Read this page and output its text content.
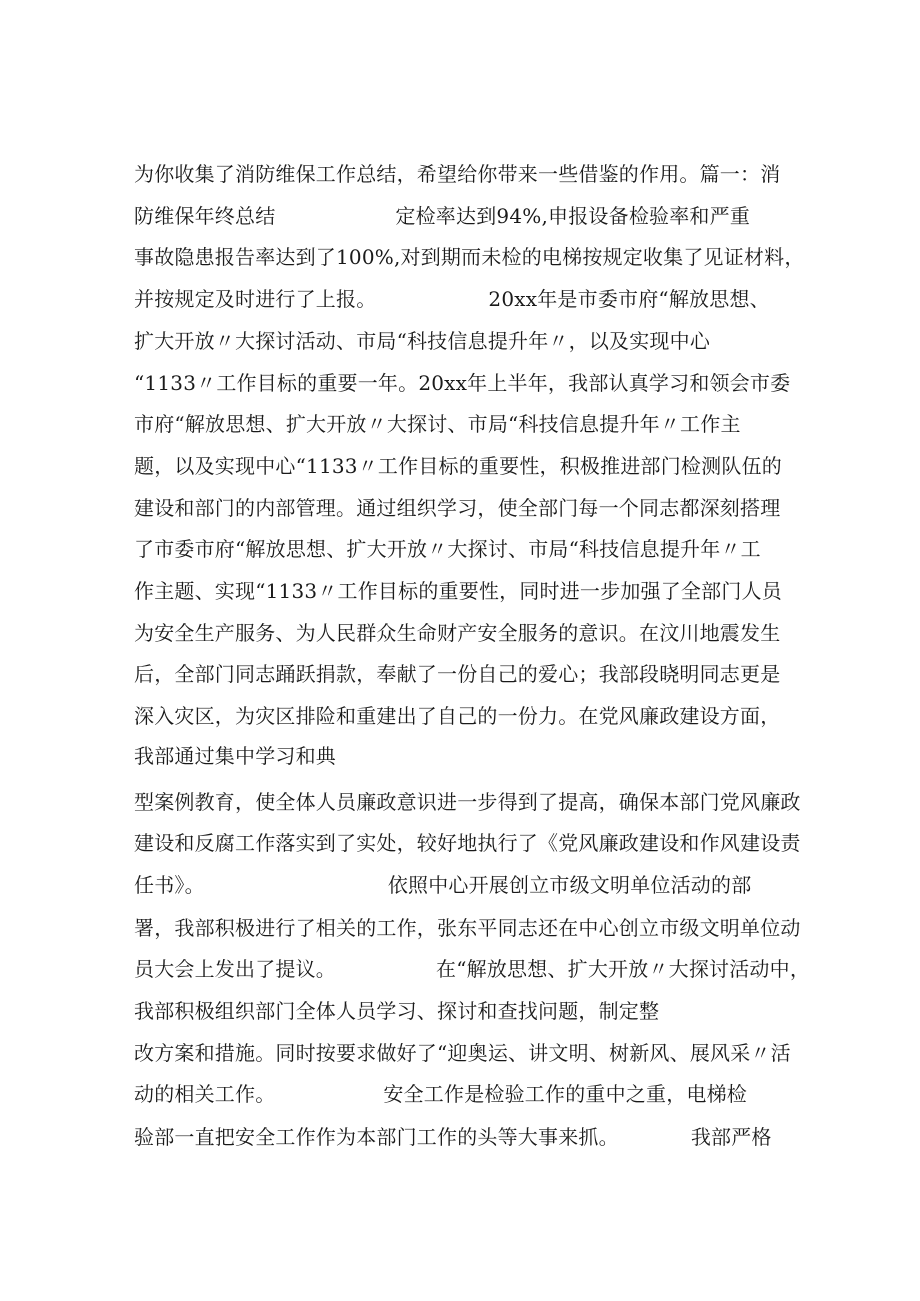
为你收集了消防维保工作总结，希望给你带来一些借鉴的作用。篇一：消
防维保年终总结	定检率达到94%,申报设备检验率和严重
事故隐患报告率达到了100%,对到期而未检的电梯按规定收集了见证材料，
并按规定及时进行了上报。	20xx年是市委市府“解放思想、
扩大开放〃大探讨活动、市局“科技信息提升年〃，以及实现中心
“1133〃工作目标的重要一年。20xx年上半年，我部认真学习和领会市委
市府“解放思想、扩大开放〃大探讨、市局“科技信息提升年〃工作主
题，以及实现中心“1133〃工作目标的重要性，积极推进部门检测队伍的
建设和部门的内部管理。通过组织学习，使全部门每一个同志都深刻搭理
了市委市府“解放思想、扩大开放〃大探讨、市局“科技信息提升年〃工
作主题、实现“1133〃工作目标的重要性，同时进一步加强了全部门人员
为安全生产服务、为人民群众生命财产安全服务的意识。在汶川地震发生
后，全部门同志踊跃捐款，奉献了一份自己的爱心；我部段晓明同志更是
深入灾区，为灾区排险和重建出了自己的一份力。在党风廉政建设方面，
我部通过集中学习和典
型案例教育，使全体人员廉政意识进一步得到了提高，确保本部门党风廉政
建设和反腐工作落实到了实处，较好地执行了《党风廉政建设和作风建设责
任书》。	依照中心开展创立市级文明单位活动的部
署，我部积极进行了相关的工作，张东平同志还在中心创立市级文明单位动
员大会上发出了提议。	在“解放思想、扩大开放〃大探讨活动中，
我部积极组织部门全体人员学习、探讨和查找问题，制定整
改方案和措施。同时按要求做好了“迎奥运、讲文明、树新风、展风采〃活
动的相关工作。	安全工作是检验工作的重中之重，电梯检
验部一直把安全工作作为本部门工作的头等大事来抓。	我部严格
